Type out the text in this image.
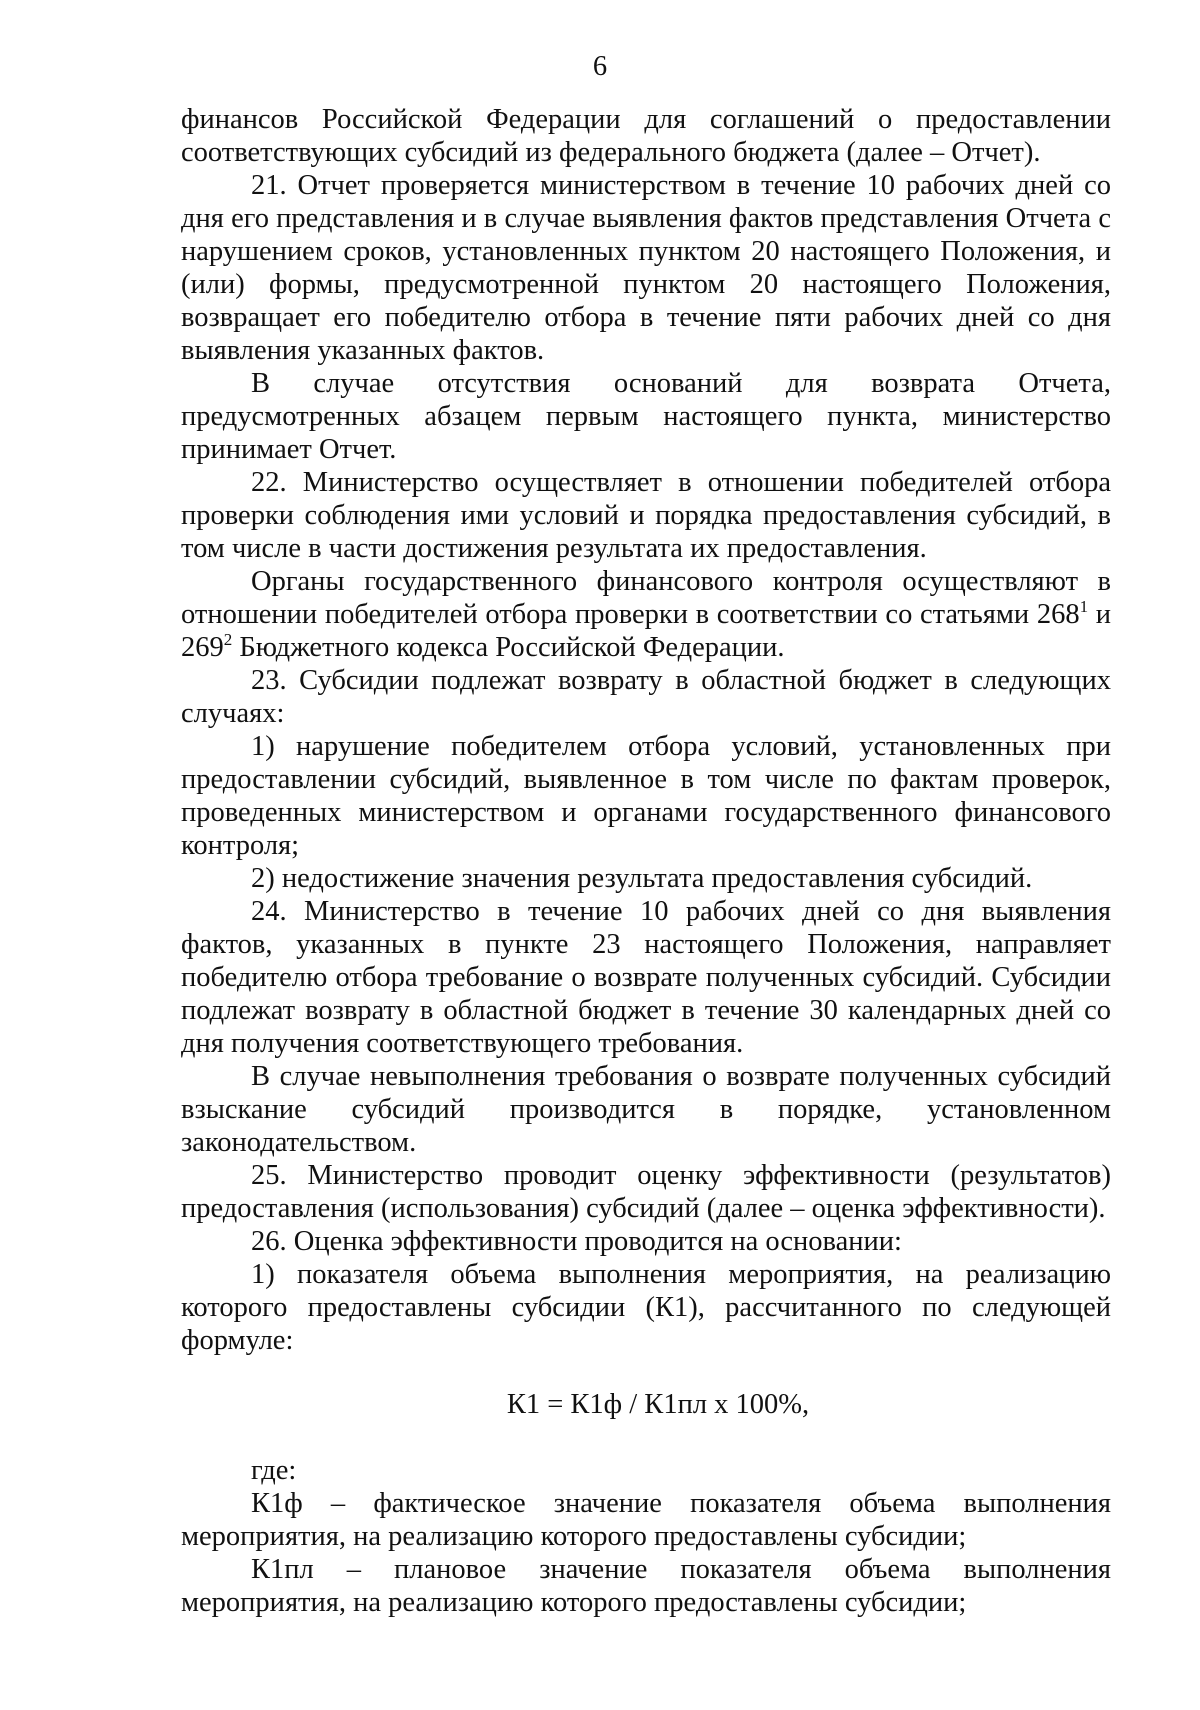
6

финансов Российской Федерации для соглашений о предоставлении соответствующих субсидий из федерального бюджета (далее – Отчет).

21. Отчет проверяется министерством в течение 10 рабочих дней со дня его представления и в случае выявления фактов представления Отчета с нарушением сроков, установленных пунктом 20 настоящего Положения, и (или) формы, предусмотренной пунктом 20 настоящего Положения, возвращает его победителю отбора в течение пяти рабочих дней со дня выявления указанных фактов.

В случае отсутствия оснований для возврата Отчета, предусмотренных абзацем первым настоящего пункта, министерство принимает Отчет.

22. Министерство осуществляет в отношении победителей отбора проверки соблюдения ими условий и порядка предоставления субсидий, в том числе в части достижения результата их предоставления.

Органы государственного финансового контроля осуществляют в отношении победителей отбора проверки в соответствии со статьями $268^1$ и $269^2$ Бюджетного кодекса Российской Федерации.

23. Субсидии подлежат возврату в областной бюджет в следующих случаях:

1) нарушение победителем отбора условий, установленных при предоставлении субсидий, выявленное в том числе по фактам проверок, проведенных министерством и органами государственного финансового контроля;

2) недостижение значения результата предоставления субсидий.

24. Министерство в течение 10 рабочих дней со дня выявления фактов, указанных в пункте 23 настоящего Положения, направляет победителю отбора требование о возврате полученных субсидий. Субсидии подлежат возврату в областной бюджет в течение 30 календарных дней со дня получения соответствующего требования.

В случае невыполнения требования о возврате полученных субсидий взыскание субсидий производится в порядке, установленном законодательством.

25. Министерство проводит оценку эффективности (результатов) предоставления (использования) субсидий (далее – оценка эффективности).

26. Оценка эффективности проводится на основании:

1) показателя объема выполнения мероприятия, на реализацию которого предоставлены субсидии (К1), рассчитанного по следующей формуле:

К1 = К1ф / К1пл х 100%,

где:

К1ф – фактическое значение показателя объема выполнения мероприятия, на реализацию которого предоставлены субсидии;

К1пл – плановое значение показателя объема выполнения мероприятия, на реализацию которого предоставлены субсидии;
